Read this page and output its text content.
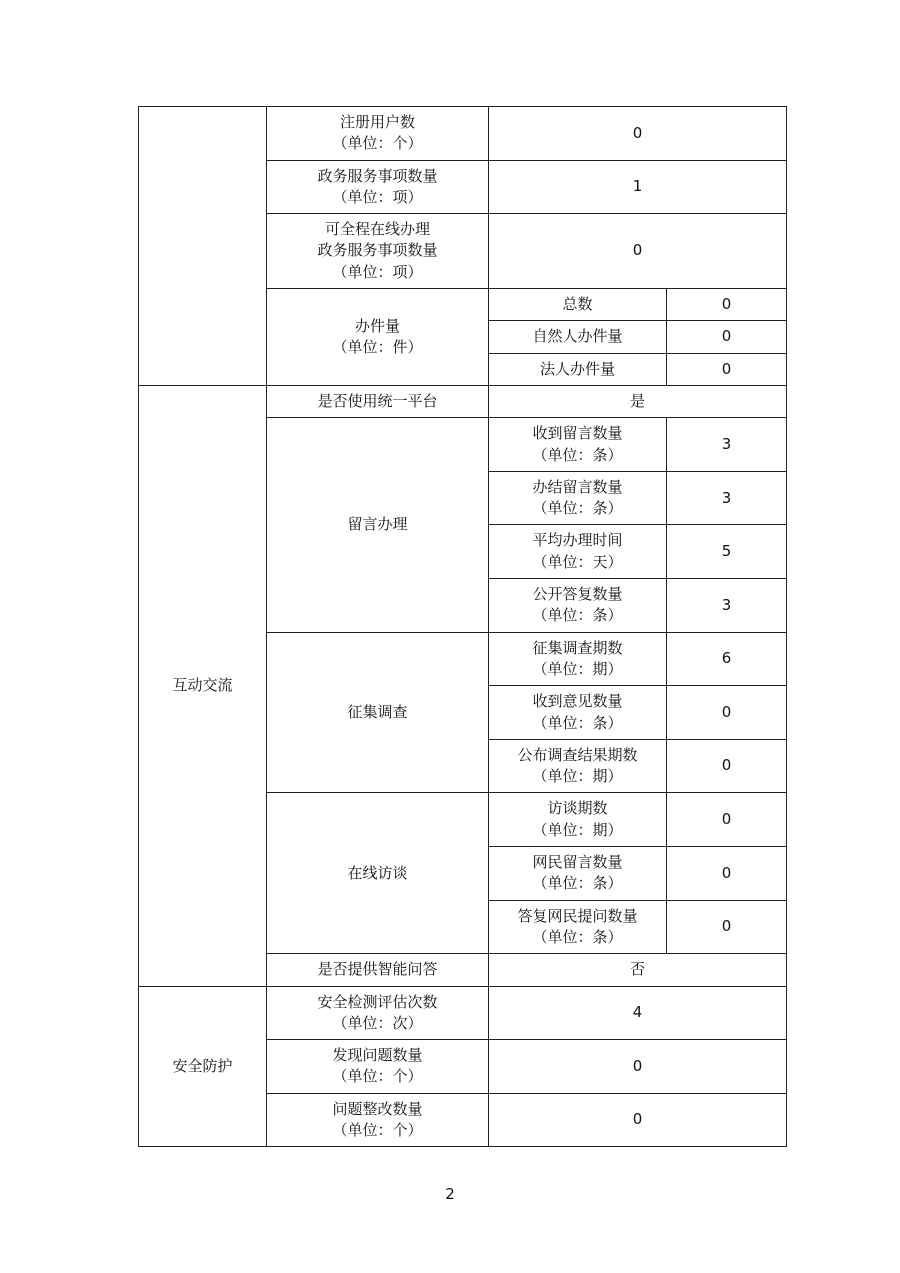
	注册用户数
（单位：个）	0	

	政务服务事项数量
（单位：项）	1	

	可全程在线办理
政务服务事项数量
（单位：项）	0	

	办件量
（单位：件）	总数	0
		自然人办件量	0
		法人办件量	0
互动交流	是否使用统一平台	是	

	留言办理	收到留言数量
（单位：条）	3

		办结留言数量
（单位：条）	3

		平均办理时间
（单位：天）	5

		公开答复数量
（单位：条）	3

	征集调查	征集调查期数
（单位：期）	6

		收到意见数量
（单位：条）	0

		公布调查结果期数
（单位：期）	0

	在线访谈	访谈期数
（单位：期）	0

		网民留言数量
（单位：条）	0

		答复网民提问数量
（单位：条）	0

	是否提供智能问答	否	
安全防护	安全检测评估次数
（单位：次）	4	

	发现问题数量
（单位：个）	0	

	问题整改数量
（单位：个）	0	
2
